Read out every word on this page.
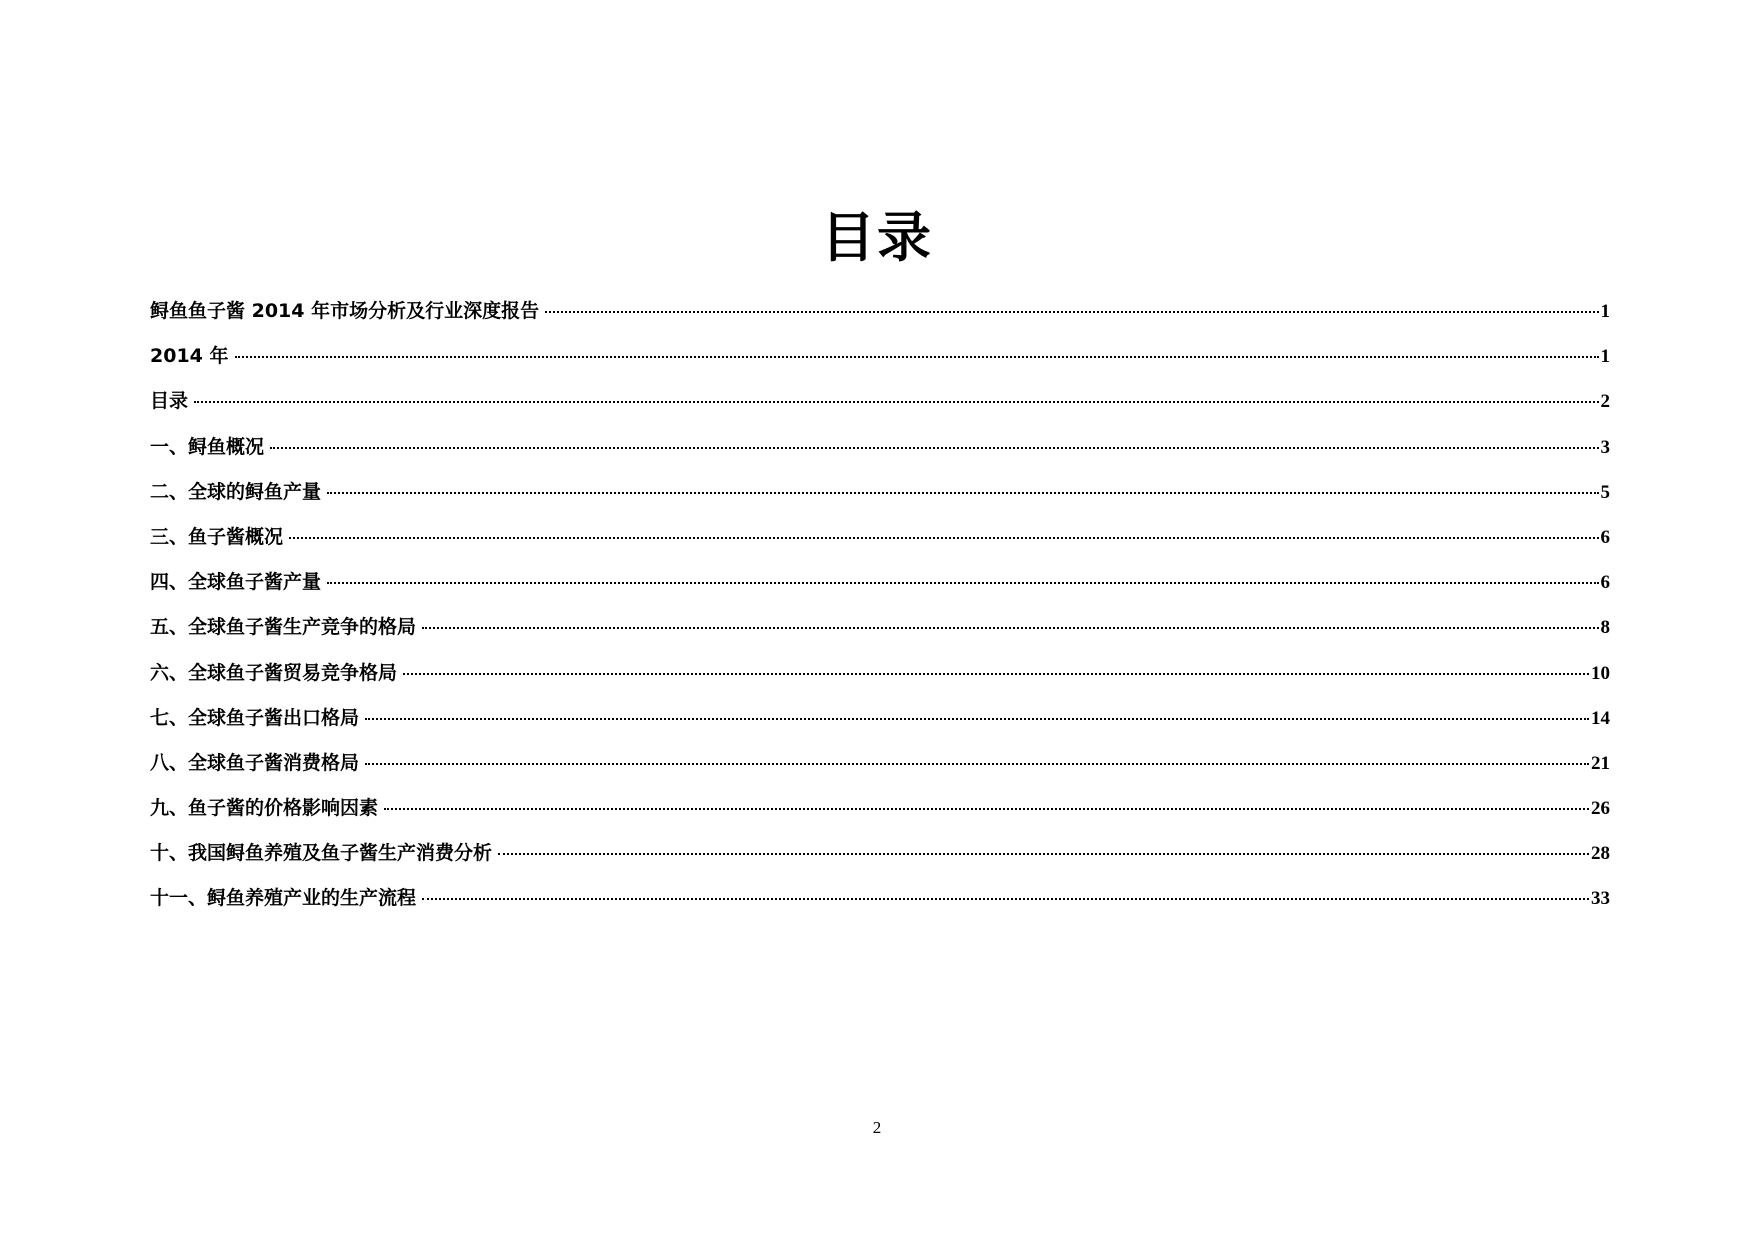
目录
鲟鱼鱼子酱 2014 年市场分析及行业深度报告	1
2014 年	1
目录	2
一、鲟鱼概况	3
二、全球的鲟鱼产量	5
三、鱼子酱概况	6
四、全球鱼子酱产量	6
五、全球鱼子酱生产竞争的格局	8
六、全球鱼子酱贸易竞争格局	10
七、全球鱼子酱出口格局	14
八、全球鱼子酱消费格局	21
九、鱼子酱的价格影响因素	26
十、我国鲟鱼养殖及鱼子酱生产消费分析	28
十一、鲟鱼养殖产业的生产流程	33
2
